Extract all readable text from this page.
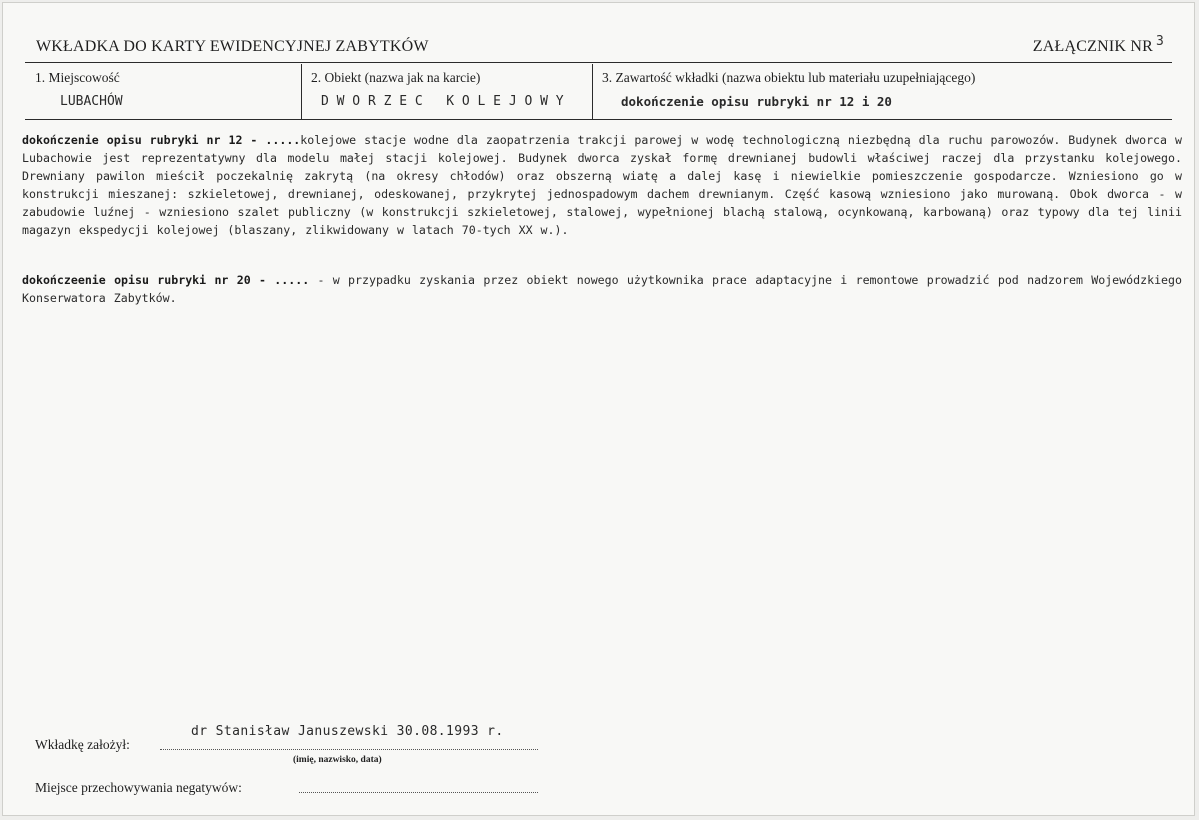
WKŁADKA DO KARTY EWIDENCYJNEJ ZABYTKÓW	ZAŁĄCZNIK NR $^3$
1. Miejscowość
LUBACHÓW
2. Obiekt (nazwa jak na karcie)
D W O R Z E C   K O L E J O W Y
3. Zawartość wkładki (nazwa obiektu lub materiału uzupełniającego)
dokończenie opisu rubryki nr 12 i 20

dokończenie opisu rubryki nr 12 - .....kolejowe stacje wodne dla zaopatrzenia trakcji parowej w wodę technologiczną niezbędną dla ruchu parowozów. Budynek dworca w Lubachowie jest reprezentatywny dla modelu małej stacji kolejowej. Budynek dworca zyskał formę drewnianej budowli właściwej raczej dla przystanku kolejowego. Drewniany pawilon mieścił poczekalnię zakrytą (na okresy chłodów) oraz obszerną wiatę a dalej kasę i niewielkie pomieszczenie gospodarcze. Wzniesiono go w konstrukcji mieszanej: szkieletowej, drewnianej, odeskowanej, przykrytej jednospadowym dachem drewnianym. Część kasową wzniesiono jako murowaną. Obok dworca - w zabudowie luźnej - wzniesiono szalet publiczny (w konstrukcji szkieletowej, stalowej, wypełnionej blachą stalową, ocynkowaną, karbowaną) oraz typowy dla tej linii magazyn ekspedycji kolejowej (blaszany, zlikwidowany w latach 70-tych XX w.).

dokończeenie opisu rubryki nr 20 - ..... - w przypadku zyskania przez obiekt nowego użytkownika prace adaptacyjne i remontowe prowadzić pod nadzorem Wojewódzkiego Konserwatora Zabytków.

Wkładkę założył:
dr Stanisław Januszewski 30.08.1993 r.
(imię, nazwisko, data)
Miejsce przechowywania negatywów:
